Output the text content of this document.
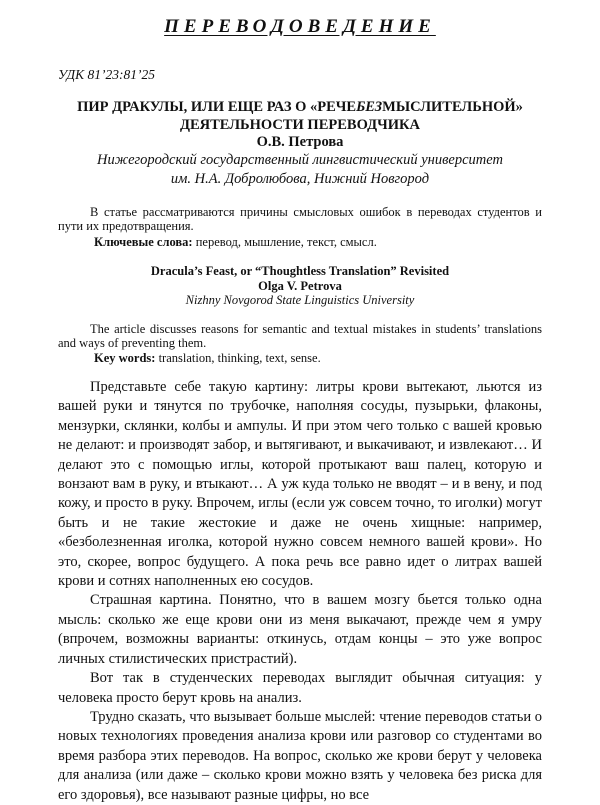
ПЕРЕВОДОВЕДЕНИЕ
УДК 81’23:81’25
ПИР ДРАКУЛЫ, ИЛИ ЕЩЕ РАЗ О «РЕЧЕБЕЗМЫСЛИТЕЛЬНОЙ» ДЕЯТЕЛЬНОСТИ ПЕРЕВОДЧИКА
О.В. Петрова
Нижегородский государственный лингвистический университет
им. Н.А. Добролюбова, Нижний Новгород

В статье рассматриваются причины смысловых ошибок в переводах студентов и пути их предотвращения.

Ключевые слова: перевод, мышление, текст, смысл.
Dracula’s Feast, or “Thoughtless Translation” Revisited
Olga V. Petrova
Nizhny Novgorod State Linguistics University

The article discusses reasons for semantic and textual mistakes in students’ translations and ways of preventing them.

Key words: translation, thinking, text, sense.

Представьте себе такую картину: литры крови вытекают, льются из вашей руки и тянутся по трубочке, наполняя сосуды, пузырьки, флаконы, мензурки, склянки, колбы и ампулы. И при этом чего только с вашей кровью не делают: и производят забор, и вытягивают, и выкачивают, и извлекают… И делают это с помощью иглы, которой протыкают ваш палец, которую и вонзают вам в руку, и втыкают… А уж куда только не вводят – и в вену, и под кожу, и просто в руку. Впрочем, иглы (если уж совсем точно, то иголки) могут быть и не такие жестокие и даже не очень хищные: например, «безболезненная иголка, которой нужно совсем немного вашей крови». Но это, скорее, вопрос будущего. А пока речь все равно идет о литрах вашей крови и сотнях наполненных ею сосудов.

Страшная картина. Понятно, что в вашем мозгу бьется только одна мысль: сколько же еще крови они из меня выкачают, прежде чем я умру (впрочем, возможны варианты: откинусь, отдам концы – это уже вопрос личных стилистических пристрастий).

Вот так в студенческих переводах выглядит обычная ситуация: у человека просто берут кровь на анализ.

Трудно сказать, что вызывает больше мыслей: чтение переводов статьи о новых технологиях проведения анализа крови или разговор со студентами во время разбора этих переводов. На вопрос, сколько же крови берут у человека для анализа (или даже – сколько крови можно взять у человека без риска для его здоровья), все называют разные цифры, но все
